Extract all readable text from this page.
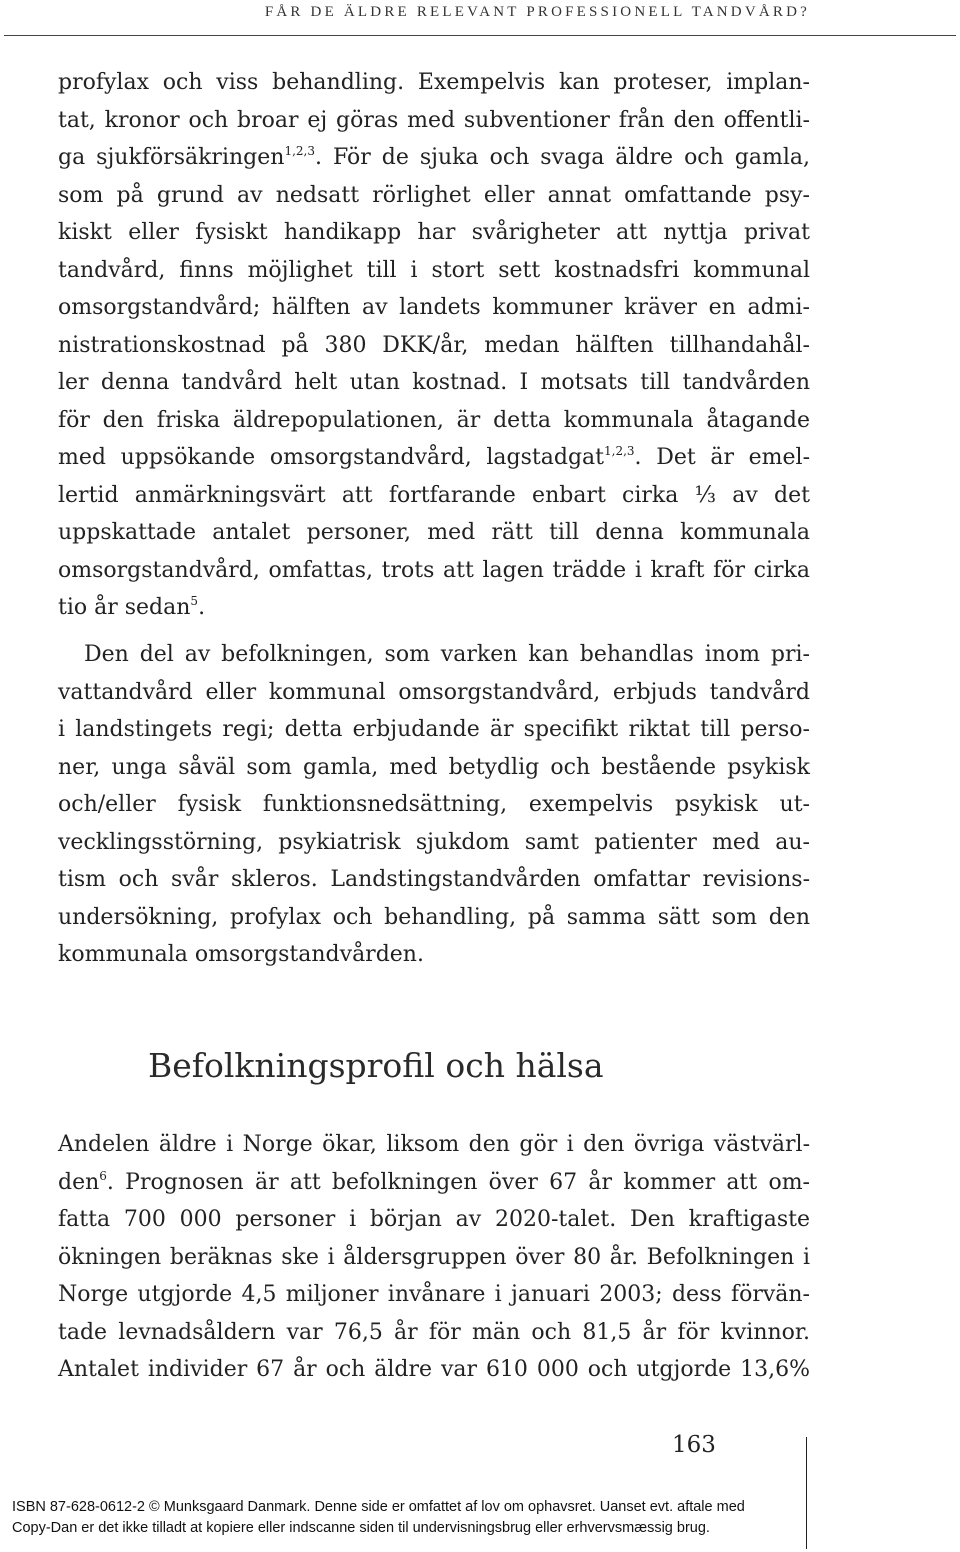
FÅR DE ÄLDRE RELEVANT PROFESSIONELL TANDVÅRD?
profylax och viss behandling. Exempelvis kan proteser, implan-
tat, kronor och broar ej göras med subventioner från den offentli-
ga sjukförsäkringen$^{1,2,3}$. För de sjuka och svaga äldre och gamla,
som på grund av nedsatt rörlighet eller annat omfattande psy-
kiskt eller fysiskt handikapp har svårigheter att nyttja privat
tandvård, finns möjlighet till i stort sett kostnadsfri kommunal
omsorgstandvård; hälften av landets kommuner kräver en admi-
nistrationskostnad på 380 DKK/år, medan hälften tillhandahål-
ler denna tandvård helt utan kostnad. I motsats till tandvården
för den friska äldrepopulationen, är detta kommunala åtagande
med uppsökande omsorgstandvård, lagstadgat$^{1,2,3}$. Det är emel-
lertid anmärkningsvärt att fortfarande enbart cirka ⅓ av det
uppskattade antalet personer, med rätt till denna kommunala
omsorgstandvård, omfattas, trots att lagen trädde i kraft för cirka
tio år sedan$^5$.
Den del av befolkningen, som varken kan behandlas inom pri-
vattandvård eller kommunal omsorgstandvård, erbjuds tandvård
i landstingets regi; detta erbjudande är specifikt riktat till perso-
ner, unga såväl som gamla, med betydlig och bestående psykisk
och/eller fysisk funktionsnedsättning, exempelvis psykisk ut-
vecklingsstörning, psykiatrisk sjukdom samt patienter med au-
tism och svår skleros. Landstingstandvården omfattar revisions-
undersökning, profylax och behandling, på samma sätt som den
kommunala omsorgstandvården.
Befolkningsprofil och hälsa
Andelen äldre i Norge ökar, liksom den gör i den övriga västvärl-
den$^6$. Prognosen är att befolkningen över 67 år kommer att om-
fatta 700 000 personer i början av 2020-talet. Den kraftigaste
ökningen beräknas ske i åldersgruppen över 80 år. Befolkningen i
Norge utgjorde 4,5 miljoner invånare i januari 2003; dess förvän-
tade levnadsåldern var 76,5 år för män och 81,5 år för kvinnor.
Antalet individer 67 år och äldre var 610 000 och utgjorde 13,6%
163
ISBN 87-628-0612-2 © Munksgaard Danmark. Denne side er omfattet af lov om ophavsret. Uanset evt. aftale med
Copy-Dan er det ikke tilladt at kopiere eller indscanne siden til undervisningsbrug eller erhvervsmæssig brug.
